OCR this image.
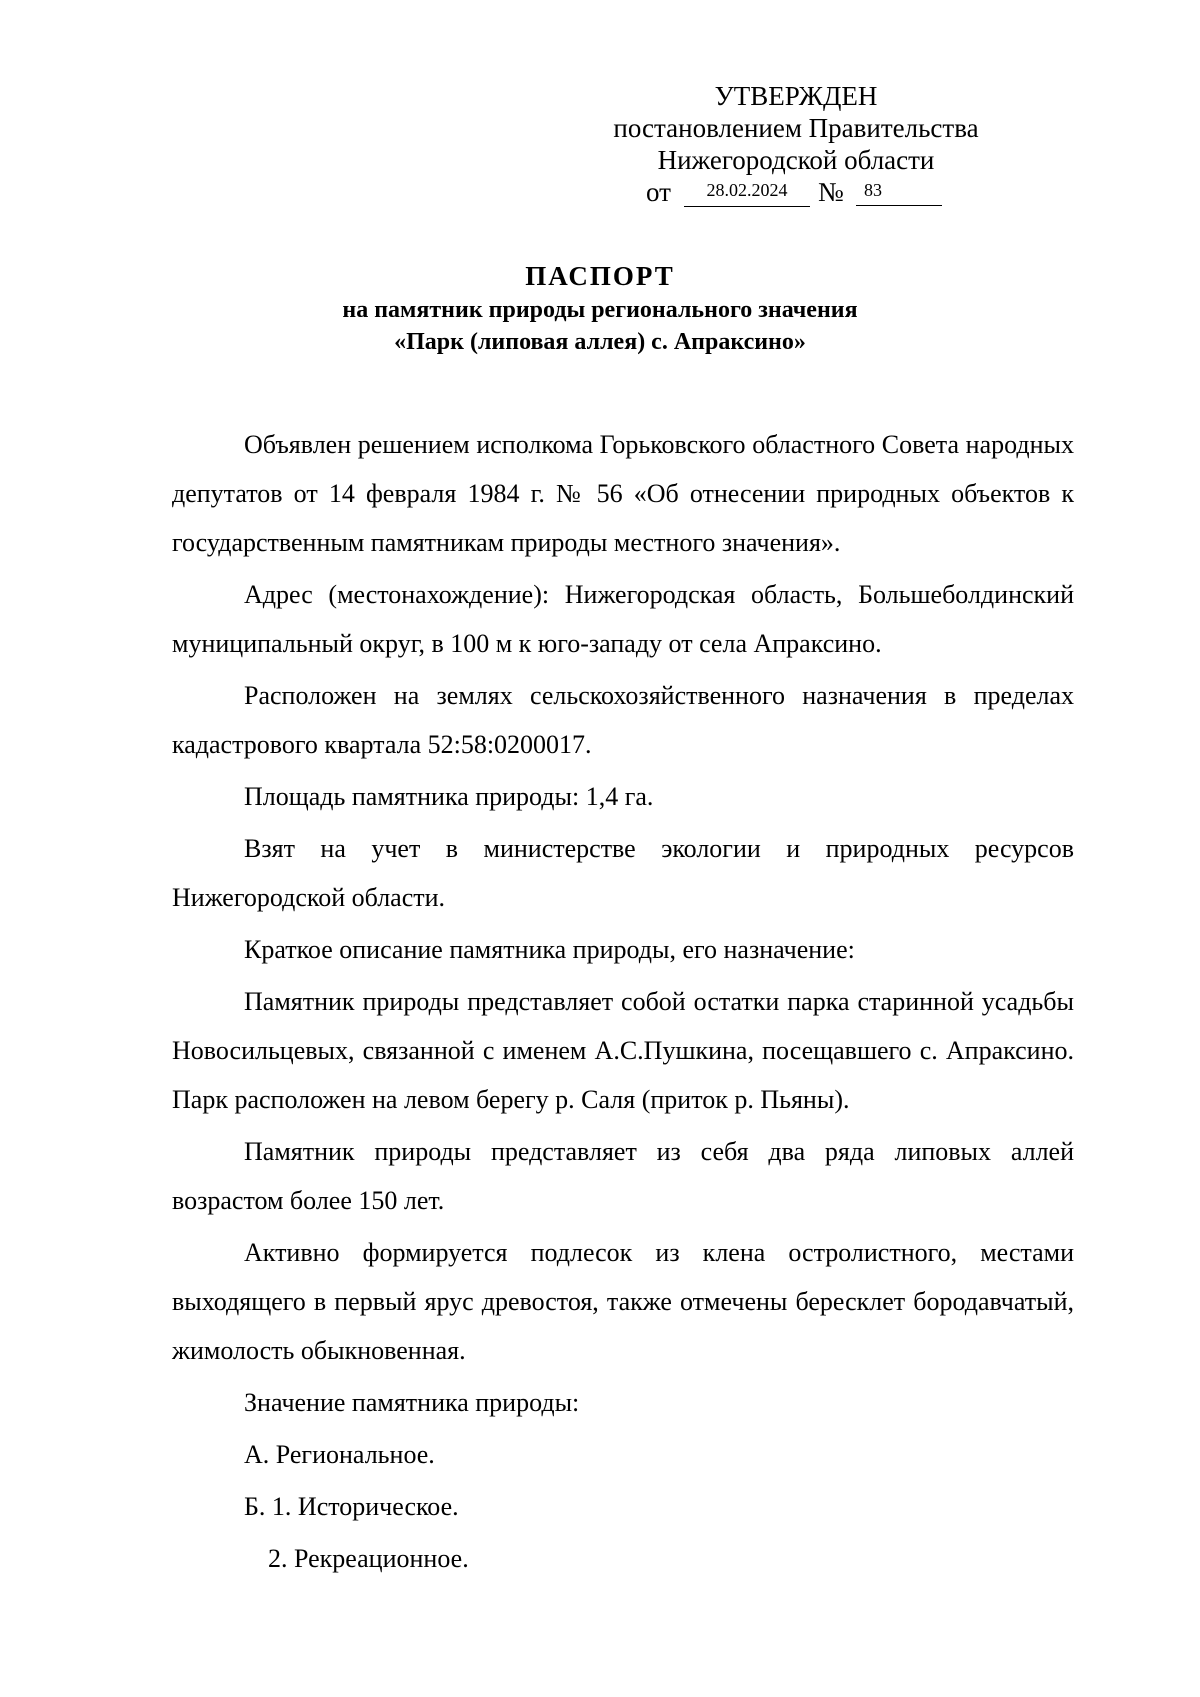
УТВЕРЖДЕН
постановлением Правительства
Нижегородской области
от	28.02.2024	№	83
ПАСПОРТ
на памятник природы регионального значения
«Парк (липовая аллея) с. Апраксино»

Объявлен решением исполкома Горьковского областного Совета народных депутатов от 14 февраля 1984 г. № 56 «Об отнесении природных объектов к государственным памятникам природы местного значения».

Адрес (местонахождение): Нижегородская область, Большеболдинский муниципальный округ, в 100 м к юго-западу от села Апраксино.

Расположен на землях сельскохозяйственного назначения в пределах кадастрового квартала 52:58:0200017.

Площадь памятника природы: 1,4 га.

Взят на учет в министерстве экологии и природных ресурсов Нижегородской области.

Краткое описание памятника природы, его назначение:

Памятник природы представляет собой остатки парка старинной усадьбы Новосильцевых, связанной с именем А.С.Пушкина, посещавшего с. Апраксино. Парк расположен на левом берегу р. Саля (приток р. Пьяны).

Памятник природы представляет из себя два ряда липовых аллей возрастом более 150 лет.

Активно формируется подлесок из клена остролистного, местами выходящего в первый ярус древостоя, также отмечены бересклет бородавчатый, жимолость обыкновенная.

Значение памятника природы:

А. Региональное.

Б. 1. Историческое.

2. Рекреационное.
